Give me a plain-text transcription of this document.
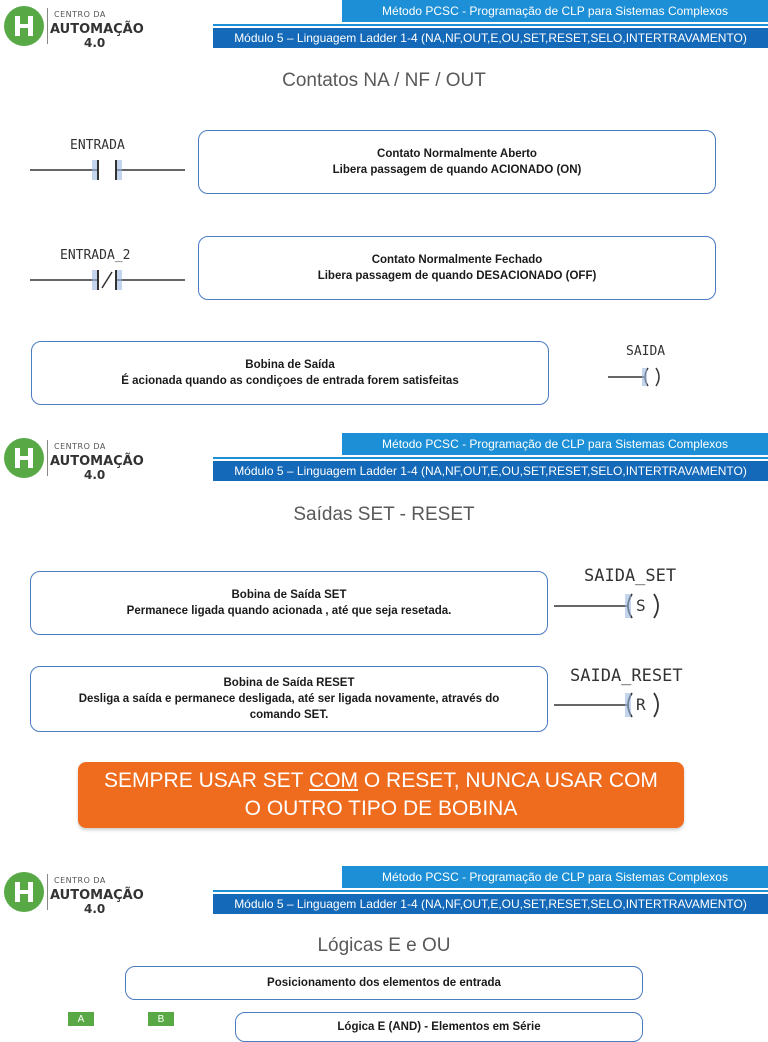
CENTRO DA
AUTOMAÇÃO
4.0
Método PCSC - Programação de CLP para Sistemas Complexos
Módulo 5 – Linguagem Ladder 1-4 (NA,NF,OUT,E,OU,SET,RESET,SELO,INTERTRAVAMENTO)
Contatos NA / NF / OUT
ENTRADA
Contato Normalmente Aberto
Libera passagem de quando ACIONADO (ON)
ENTRADA_2	Contato Normalmente Fechado
Libera passagem de quando DESACIONADO (OFF)
Bobina de Saída
É acionada quando as condiçoes de entrada forem satisfeitas
SAIDA
CENTRO DA
AUTOMAÇÃO
4.0
Método PCSC - Programação de CLP para Sistemas Complexos
Módulo 5 – Linguagem Ladder 1-4 (NA,NF,OUT,E,OU,SET,RESET,SELO,INTERTRAVAMENTO)
Saídas SET - RESET
Bobina de Saída SET
Permanece ligada quando acionada , até que seja resetada.
SAIDA_SET
S
Bobina de Saída RESET
Desliga a saída e permanece desligada, até ser ligada novamente, através do comando SET.
SAIDA_RESET
R
SEMPRE USAR SET COM O RESET, NUNCA USAR COM O OUTRO TIPO DE BOBINA
CENTRO DA
AUTOMAÇÃO
4.0
Método PCSC - Programação de CLP para Sistemas Complexos
Módulo 5 – Linguagem Ladder 1-4 (NA,NF,OUT,E,OU,SET,RESET,SELO,INTERTRAVAMENTO)
Lógicas E e OU
Posicionamento dos elementos de entrada
A	B
Lógica E (AND) - Elementos em Série
